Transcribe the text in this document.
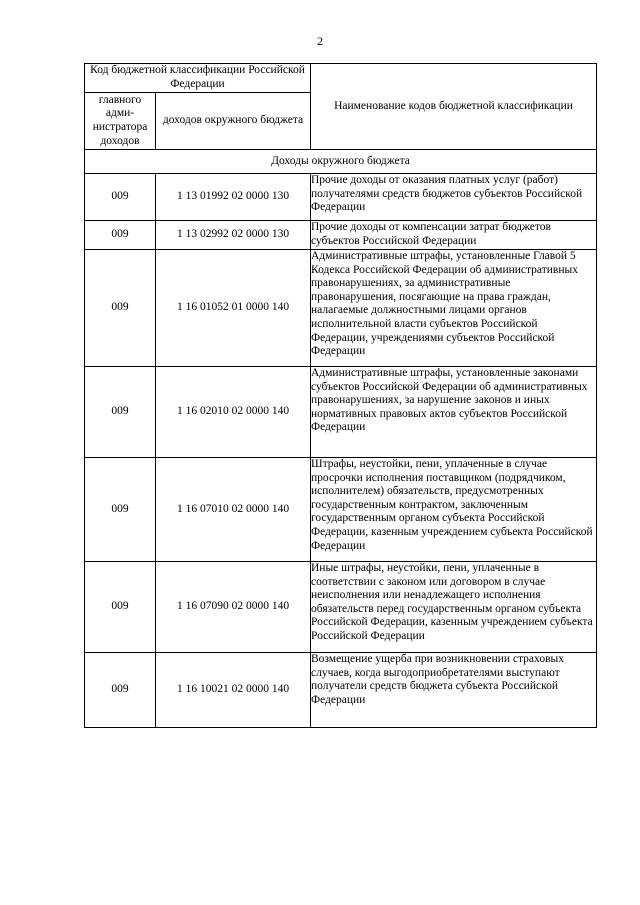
2
Код бюджетной классификации Российской Федерации		Наименование кодов бюджетной классификации
главного адми-нистратора доходов	доходов окружного бюджета	
Доходы окружного бюджета		
009	1 13 01992 02 0000 130	Прочие доходы от оказания платных услуг (работ) получателями средств бюджетов субъектов Российской Федерации
009	1 13 02992 02 0000 130	Прочие доходы от компенсации затрат бюджетов субъектов Российской Федерации
009	1 16 01052 01 0000 140	Административные штрафы, установленные Главой 5 Кодекса Российской Федерации об административных правонарушениях, за административные правонарушения, посягающие на права граждан, налагаемые должностными лицами органов исполнительной власти субъектов Российской Федерации, учреждениями субъектов Российской Федерации
009	1 16 02010 02 0000 140	Административные штрафы, установленные законами субъектов Российской Федерации об административных правонарушениях, за нарушение законов и иных нормативных правовых актов субъектов Российской Федерации
009	1 16 07010 02 0000 140	Штрафы, неустойки, пени, уплаченные в случае просрочки исполнения поставщиком (подрядчиком, исполнителем) обязательств, предусмотренных государственным контрактом, заключенным государственным органом субъекта Российской Федерации, казенным учреждением субъекта Российской Федерации
009	1 16 07090 02 0000 140	Иные штрафы, неустойки, пени, уплаченные в соответствии с законом или договором в случае неисполнения или ненадлежащего исполнения обязательств перед государственным органом субъекта Российской Федерации, казенным учреждением субъекта Российской Федерации
009	1 16 10021 02 0000 140	Возмещение ущерба при возникновении страховых случаев, когда выгодоприобретателями выступают получатели средств бюджета субъекта Российской Федерации
